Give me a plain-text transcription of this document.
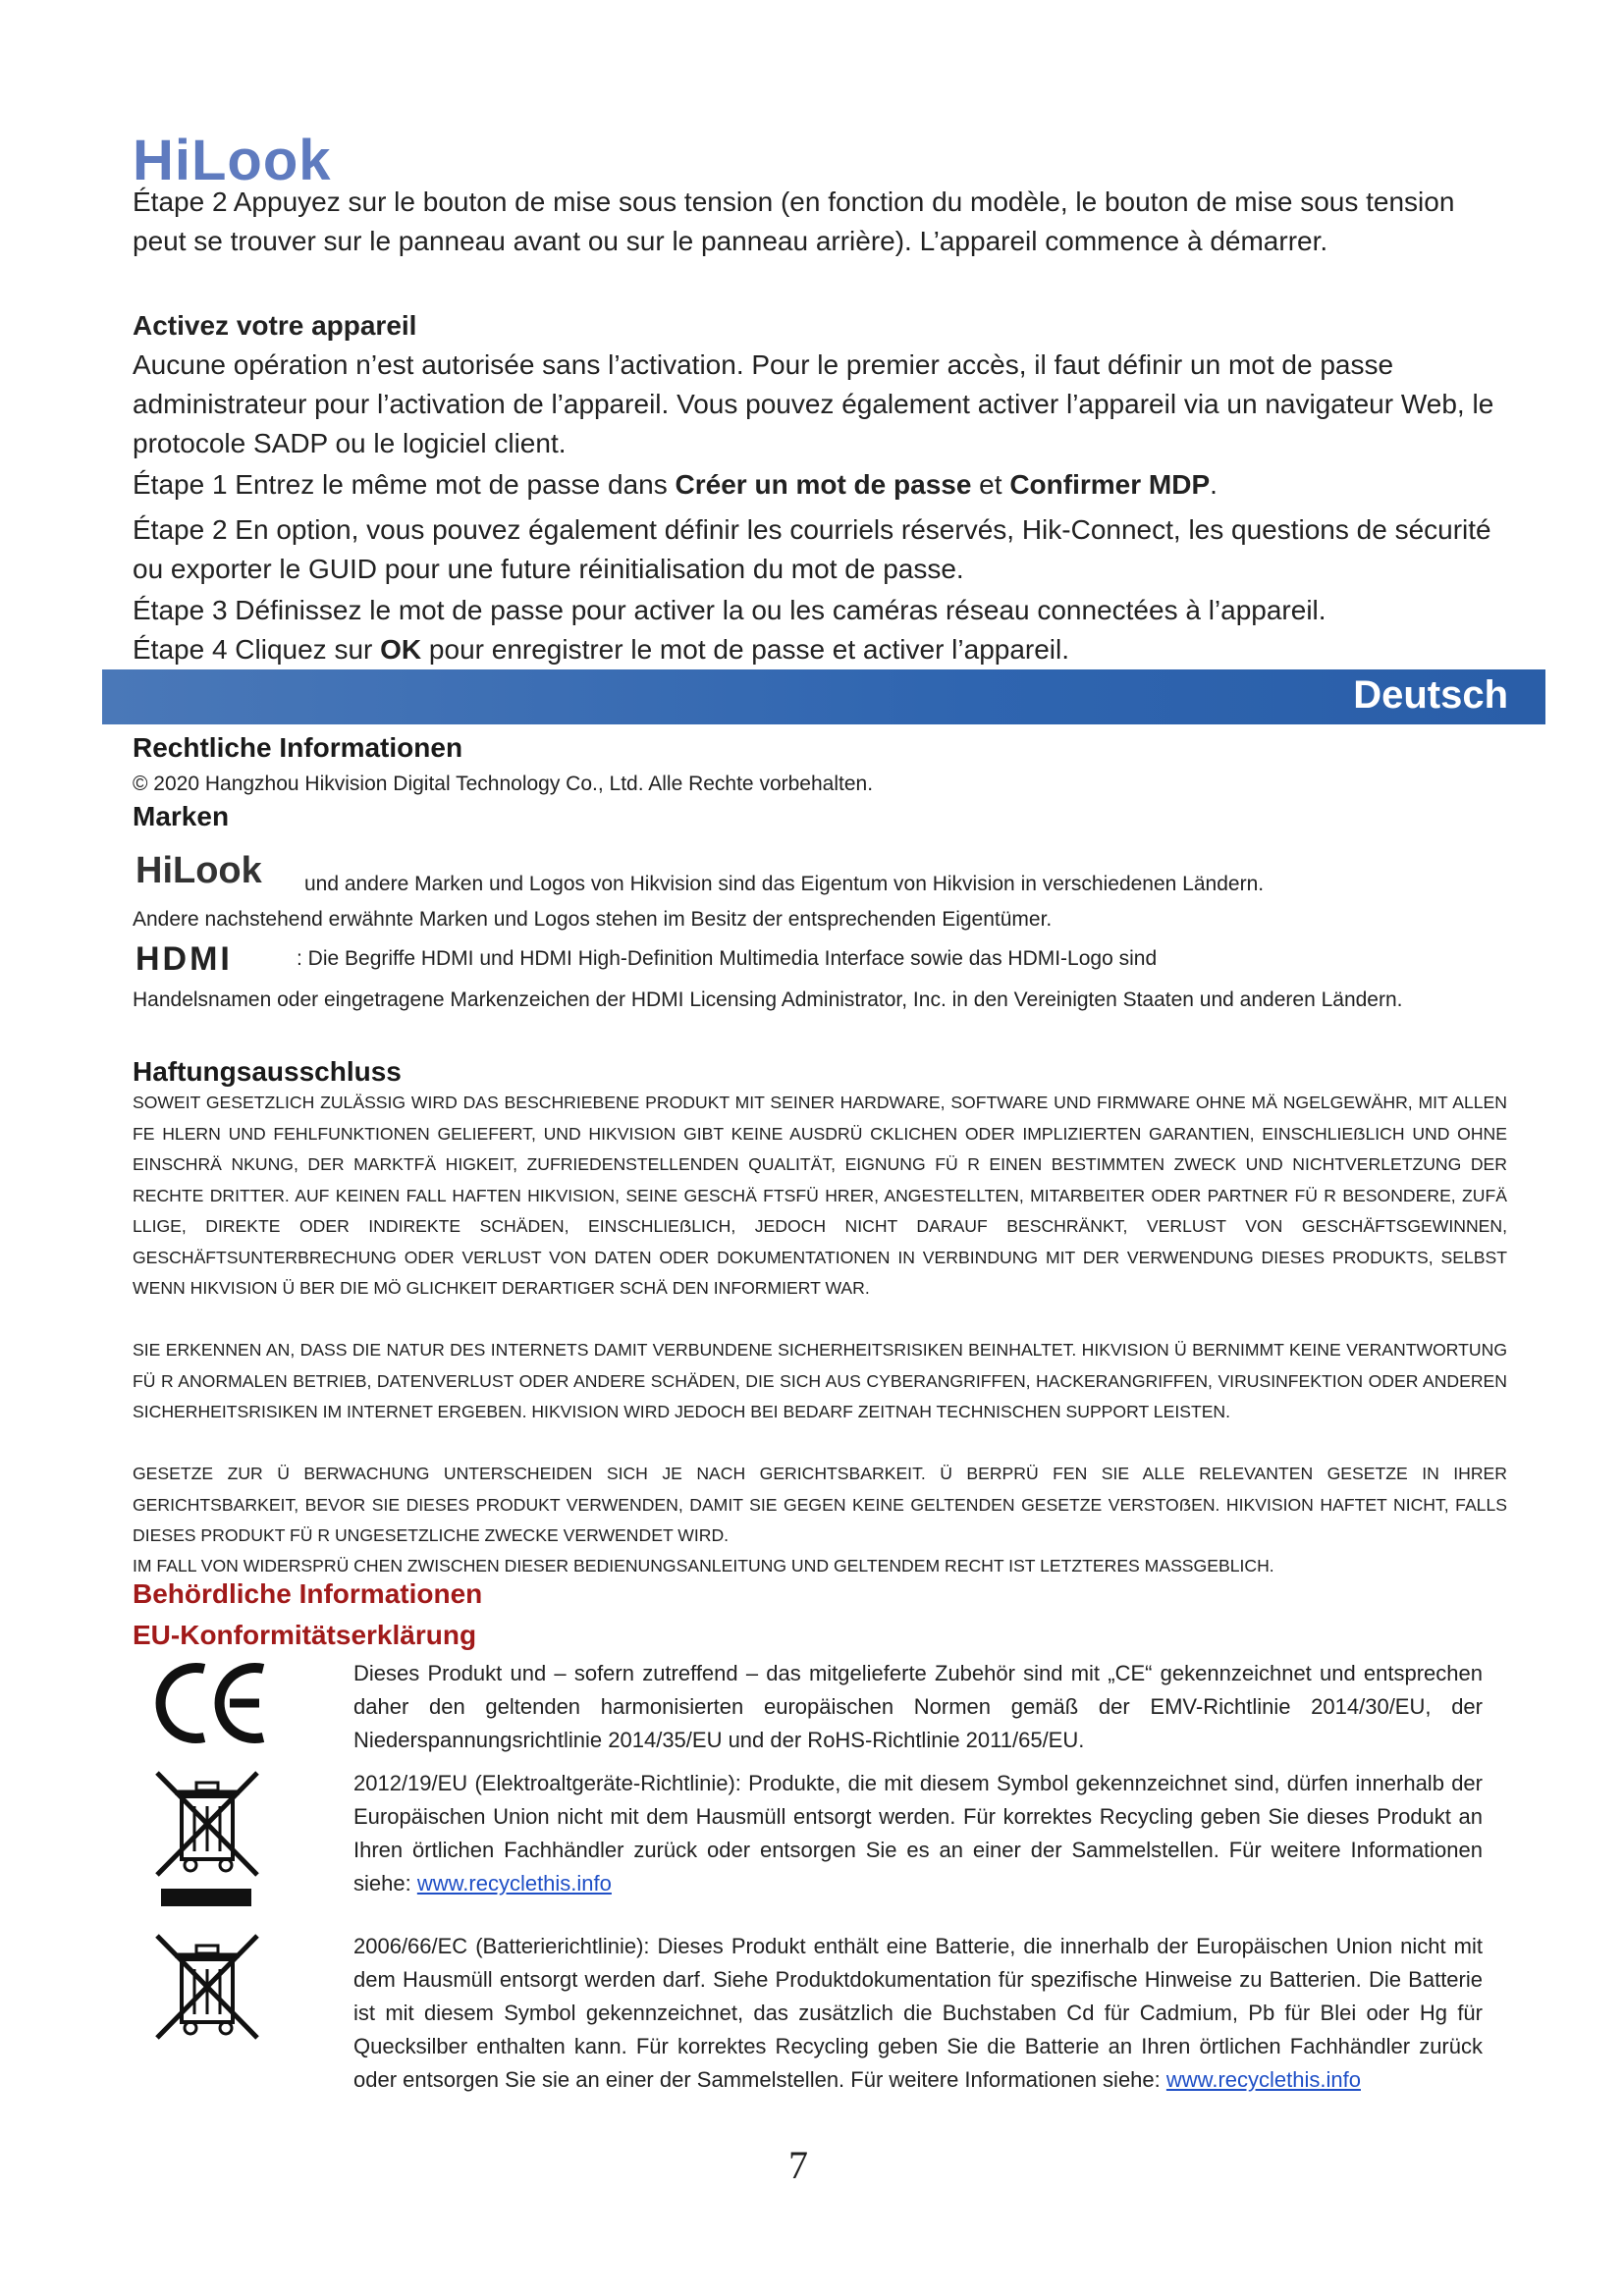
HiLook
Étape 2 Appuyez sur le bouton de mise sous tension (en fonction du modèle, le bouton de mise sous tension peut se trouver sur le panneau avant ou sur le panneau arrière). L’appareil commence à démarrer.
Activez votre appareil
Aucune opération n’est autorisée sans l’activation. Pour le premier accès, il faut définir un mot de passe administrateur pour l’activation de l’appareil. Vous pouvez également activer l’appareil via un navigateur Web, le protocole SADP ou le logiciel client.
Étape 1 Entrez le même mot de passe dans Créer un mot de passe et Confirmer MDP.
Étape 2 En option, vous pouvez également définir les courriels réservés, Hik-Connect, les questions de sécurité ou exporter le GUID pour une future réinitialisation du mot de passe.
Étape 3 Définissez le mot de passe pour activer la ou les caméras réseau connectées à l’appareil.
Étape 4 Cliquez sur OK pour enregistrer le mot de passe et activer l’appareil.
Deutsch
Rechtliche Informationen
© 2020 Hangzhou Hikvision Digital Technology Co., Ltd. Alle Rechte vorbehalten.
Marken
HiLook und andere Marken und Logos von Hikvision sind das Eigentum von Hikvision in verschiedenen Ländern.
Andere nachstehend erwähnte Marken und Logos stehen im Besitz der entsprechenden Eigentümer.
HDMI	: Die Begriffe HDMI und HDMI High-Definition Multimedia Interface sowie das HDMI-Logo sind
Handelsnamen oder eingetragene Markenzeichen der HDMI Licensing Administrator, Inc. in den Vereinigten Staaten und anderen Ländern.
Haftungsausschluss
SOWEIT GESETZLICH ZULÄSSIG WIRD DAS BESCHRIEBENE PRODUKT MIT SEINER HARDWARE, SOFTWARE UND FIRMWARE OHNE MÄ NGELGEWÄHR, MIT ALLEN FE HLERN UND FEHLFUNKTIONEN GELIEFERT, UND HIKVISION GIBT KEINE AUSDRÜ CKLICHEN ODER IMPLIZIERTEN GARANTIEN, EINSCHLIEẞLICH UND OHNE EINSCHRÄ NKUNG, DER MARKTFÄ HIGKEIT, ZUFRIEDENSTELLENDEN QUALITÄT, EIGNUNG FÜ R EINEN BESTIMMTEN ZWECK UND NICHTVERLETZUNG DER RECHTE DRITTER. AUF KEINEN FALL HAFTEN HIKVISION, SEINE GESCHÄ FTSFÜ HRER, ANGESTELLTEN, MITARBEITER ODER PARTNER FÜ R BESONDERE, ZUFÄ LLIGE, DIREKTE ODER INDIREKTE SCHÄDEN, EINSCHLIEẞLICH, JEDOCH NICHT DARAUF BESCHRÄNKT, VERLUST VON GESCHÄFTSGEWINNEN, GESCHÄFTSUNTERBRECHUNG ODER VERLUST VON DATEN ODER DOKUMENTATIONEN IN VERBINDUNG MIT DER VERWENDUNG DIESES PRODUKTS, SELBST WENN HIKVISION Ü BER DIE MÖ GLICHKEIT DERARTIGER SCHÄ DEN INFORMIERT WAR.
SIE ERKENNEN AN, DASS DIE NATUR DES INTERNETS DAMIT VERBUNDENE SICHERHEITSRISIKEN BEINHALTET. HIKVISION Ü BERNIMMT KEINE VERANTWORTUNG FÜ R ANORMALEN BETRIEB, DATENVERLUST ODER ANDERE SCHÄDEN, DIE SICH AUS CYBERANGRIFFEN, HACKERANGRIFFEN, VIRUSINFEKTION ODER ANDEREN SICHERHEITSRISIKEN IM INTERNET ERGEBEN. HIKVISION WIRD JEDOCH BEI BEDARF ZEITNAH TECHNISCHEN SUPPORT LEISTEN.
GESETZE ZUR Ü BERWACHUNG UNTERSCHEIDEN SICH JE NACH GERICHTSBARKEIT. Ü BERPRÜ FEN SIE ALLE RELEVANTEN GESETZE IN IHRER GERICHTSBARKEIT, BEVOR SIE DIESES PRODUKT VERWENDEN, DAMIT SIE GEGEN KEINE GELTENDEN GESETZE VERSTOẞEN. HIKVISION HAFTET NICHT, FALLS DIESES PRODUKT FÜ R UNGESETZLICHE ZWECKE VERWENDET WIRD.
IM FALL VON WIDERSPRÜ CHEN ZWISCHEN DIESER BEDIENUNGSANLEITUNG UND GELTENDEM RECHT IST LETZTERES MASSGEBLICH.
Behördliche Informationen
EU-Konformitätserklärung
Dieses Produkt und – sofern zutreffend – das mitgelieferte Zubehör sind mit „CE“ gekennzeichnet und entsprechen daher den geltenden harmonisierten europäischen Normen gemäß der EMV-Richtlinie 2014/30/EU, der Niederspannungsrichtlinie 2014/35/EU und der RoHS-Richtlinie 2011/65/EU.
2012/19/EU (Elektroaltgeräte-Richtlinie): Produkte, die mit diesem Symbol gekennzeichnet sind, dürfen innerhalb der Europäischen Union nicht mit dem Hausmüll entsorgt werden. Für korrektes Recycling geben Sie dieses Produkt an Ihren örtlichen Fachhändler zurück oder entsorgen Sie es an einer der Sammelstellen. Für weitere Informationen siehe: www.recyclethis.info
2006/66/EC (Batterierichtlinie): Dieses Produkt enthält eine Batterie, die innerhalb der Europäischen Union nicht mit dem Hausmüll entsorgt werden darf. Siehe Produktdokumentation für spezifische Hinweise zu Batterien. Die Batterie ist mit diesem Symbol gekennzeichnet, das zusätzlich die Buchstaben Cd für Cadmium, Pb für Blei oder Hg für Quecksilber enthalten kann. Für korrektes Recycling geben Sie die Batterie an Ihren örtlichen Fachhändler zurück oder entsorgen Sie sie an einer der Sammelstellen. Für weitere Informationen siehe: www.recyclethis.info
7
